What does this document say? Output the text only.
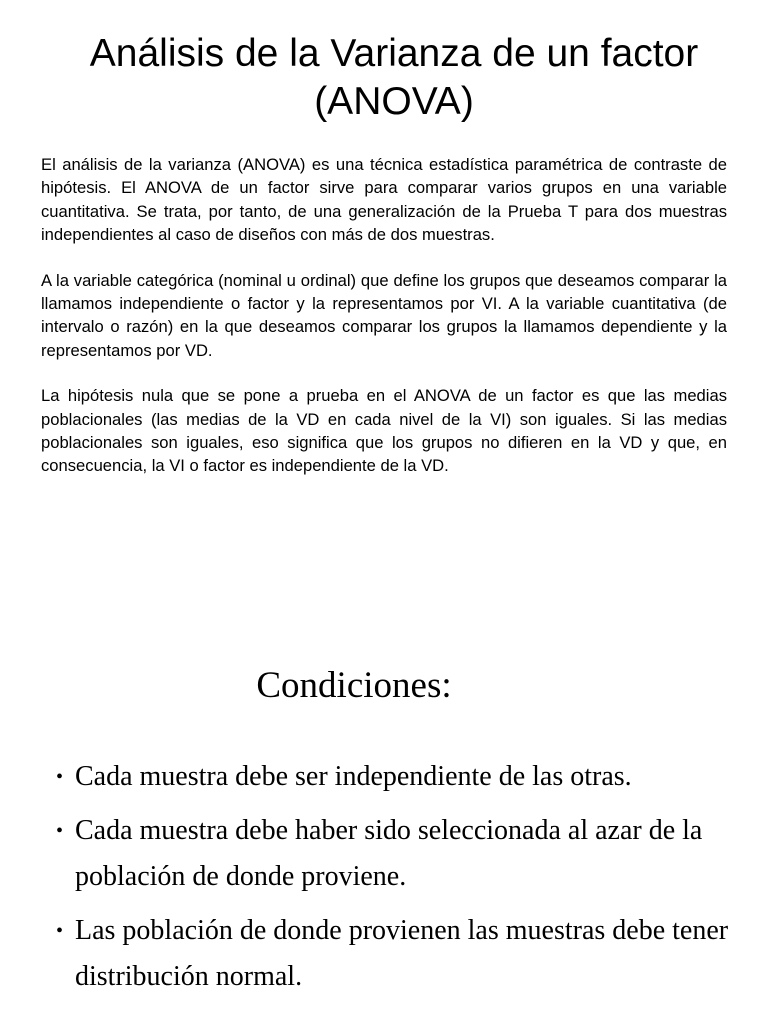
Análisis de la Varianza de un factor (ANOVA)

El análisis de la varianza (ANOVA) es una técnica estadística paramétrica de contraste de hipótesis. El ANOVA de un factor sirve para comparar varios grupos en una variable cuantitativa. Se trata, por tanto, de una generalización de la Prueba T para dos muestras independientes al caso de diseños con más de dos muestras.

A la variable categórica (nominal u ordinal) que define los grupos que deseamos comparar la llamamos independiente o factor y la representamos por VI. A la variable cuantitativa (de intervalo o razón) en la que deseamos comparar los grupos la llamamos dependiente y la representamos por VD.

La hipótesis nula que se pone a prueba en el ANOVA de un factor es que las medias poblacionales (las medias de la VD en cada nivel de la VI) son iguales. Si las medias poblacionales son iguales, eso significa que los grupos no difieren en la VD y que, en consecuencia, la VI o factor es independiente de la VD.

Condiciones:
• Cada muestra debe ser independiente de las otras.
• Cada muestra debe haber sido seleccionada al azar de la población de donde proviene.
• Las población de donde provienen las muestras debe tener distribución normal.
